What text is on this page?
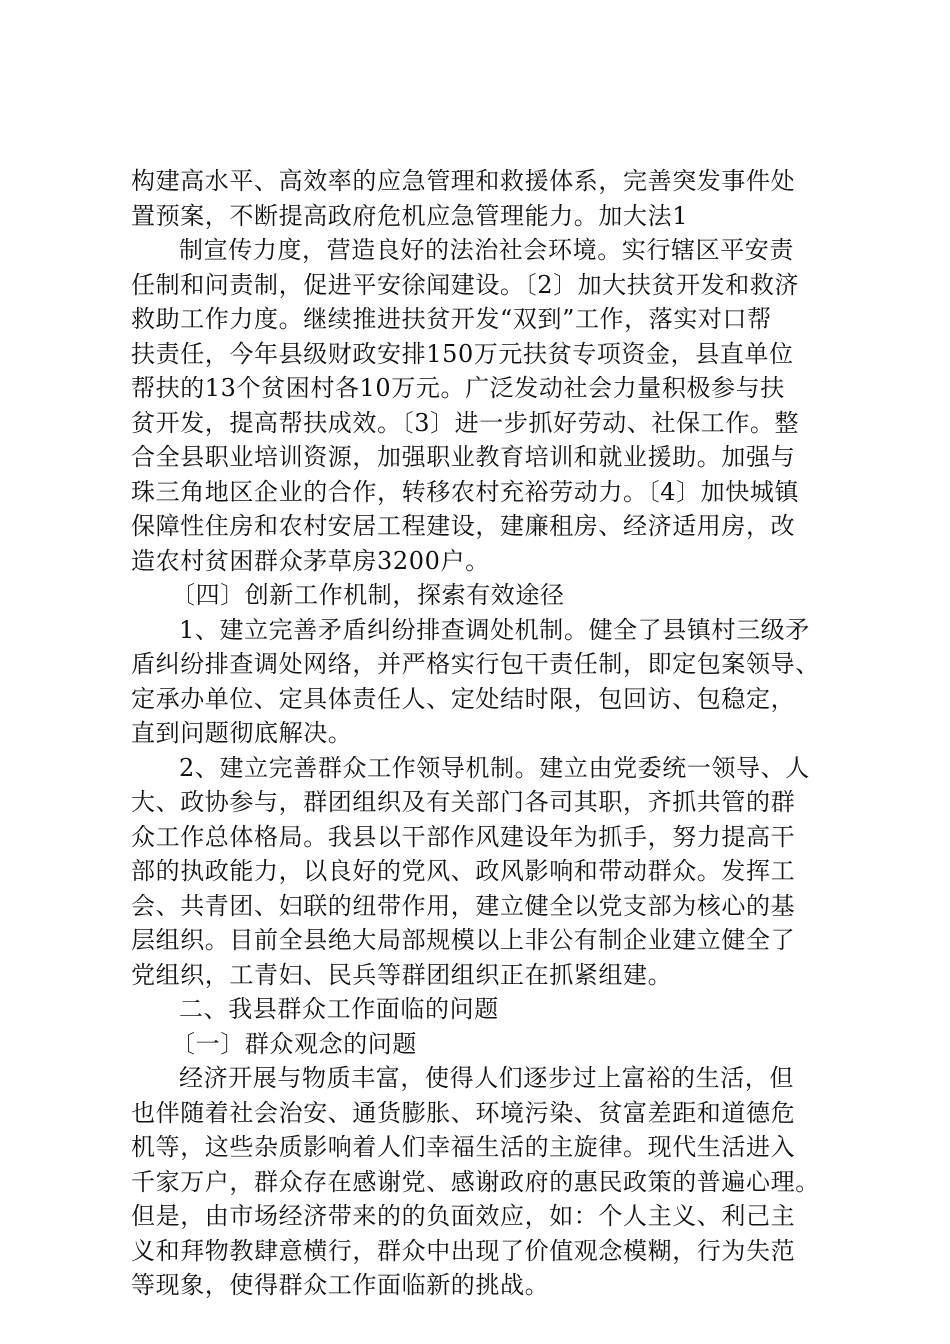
构建高水平、高效率的应急管理和救援体系，完善突发事件处
置预案，不断提高政府危机应急管理能力。加大法1
制宣传力度，营造良好的法治社会环境。实行辖区平安责
任制和问责制，促进平安徐闻建设。〔2〕加大扶贫开发和救济
救助工作力度。继续推进扶贫开发“双到”工作，落实对口帮
扶责任，今年县级财政安排150万元扶贫专项资金，县直单位
帮扶的13个贫困村各10万元。广泛发动社会力量积极参与扶
贫开发，提高帮扶成效。〔3〕进一步抓好劳动、社保工作。整
合全县职业培训资源，加强职业教育培训和就业援助。加强与
珠三角地区企业的合作，转移农村充裕劳动力。〔4〕加快城镇
保障性住房和农村安居工程建设，建廉租房、经济适用房，改
造农村贫困群众茅草房3200户。
〔四〕创新工作机制，探索有效途径
1、建立完善矛盾纠纷排查调处机制。健全了县镇村三级矛
盾纠纷排查调处网络，并严格实行包干责任制，即定包案领导、
定承办单位、定具体责任人、定处结时限，包回访、包稳定，
直到问题彻底解决。
2、建立完善群众工作领导机制。建立由党委统一领导、人
大、政协参与，群团组织及有关部门各司其职，齐抓共管的群
众工作总体格局。我县以干部作风建设年为抓手，努力提高干
部的执政能力，以良好的党风、政风影响和带动群众。发挥工
会、共青团、妇联的纽带作用，建立健全以党支部为核心的基
层组织。目前全县绝大局部规模以上非公有制企业建立健全了
党组织，工青妇、民兵等群团组织正在抓紧组建。
二、我县群众工作面临的问题
〔一〕群众观念的问题
经济开展与物质丰富，使得人们逐步过上富裕的生活，但
也伴随着社会治安、通货膨胀、环境污染、贫富差距和道德危
机等，这些杂质影响着人们幸福生活的主旋律。现代生活进入
千家万户，群众存在感谢党、感谢政府的惠民政策的普遍心理。
但是，由市场经济带来的的负面效应，如：个人主义、利己主
义和拜物教肆意横行，群众中出现了价值观念模糊，行为失范
等现象，使得群众工作面临新的挑战。
